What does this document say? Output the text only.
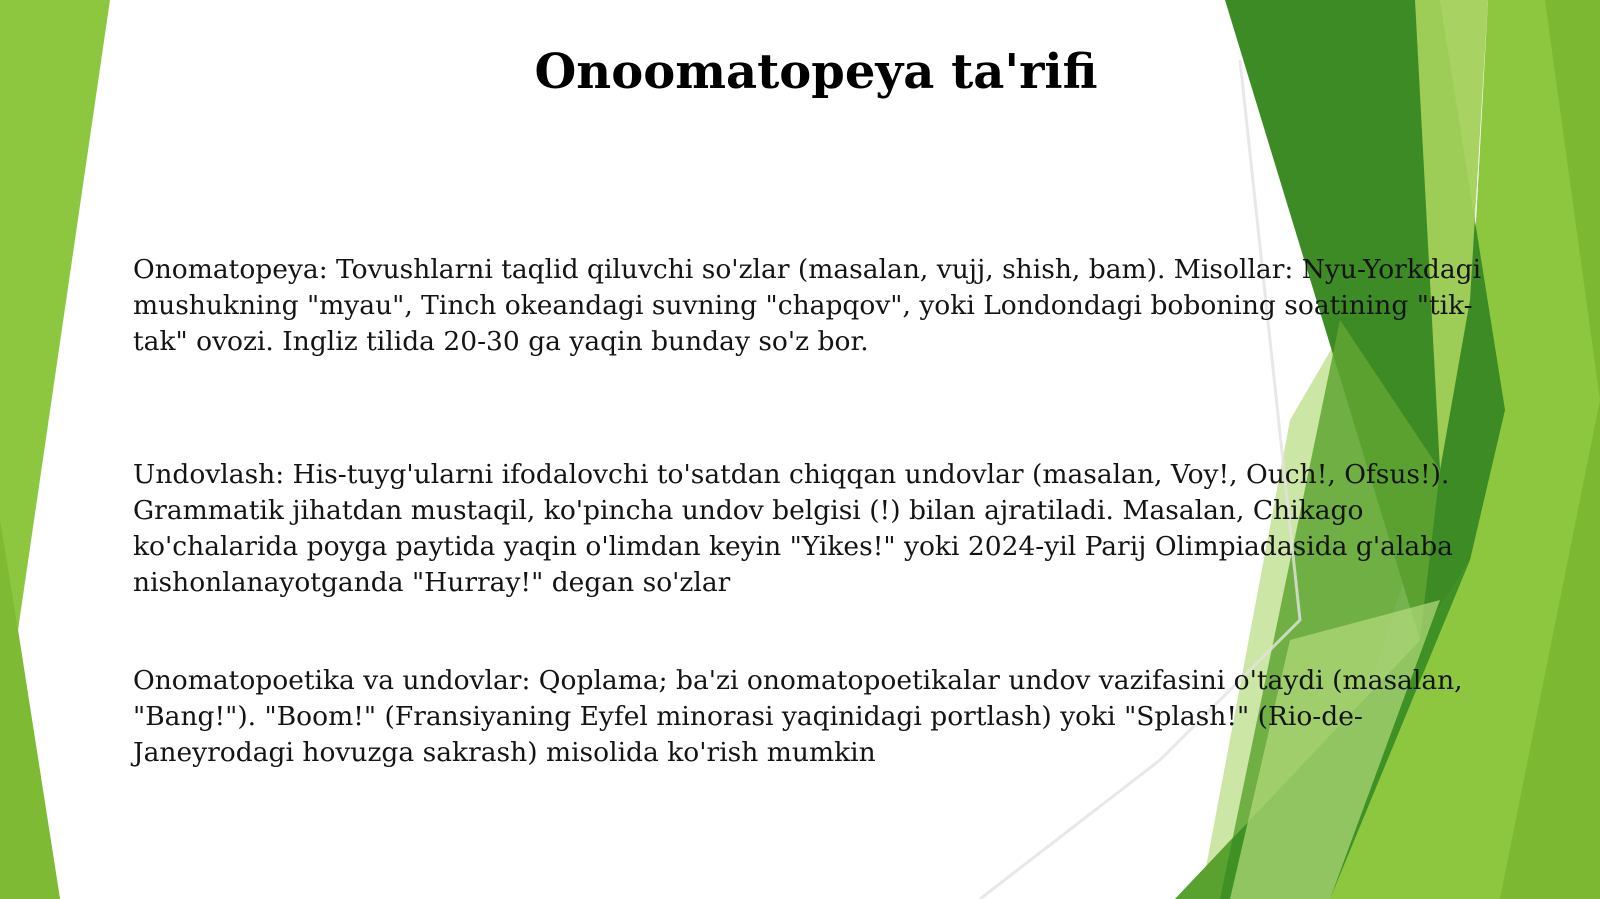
Onoomatopeya ta'rifi

Onomatopeya: Tovushlarni taqlid qiluvchi so'zlar (masalan, vujj, shish, bam). Misollar: Nyu-Yorkdagi mushukning "myau", Tinch okeandagi suvning "chapqov", yoki Londondagi boboning soatining "tik-tak" ovozi. Ingliz tilida 20-30 ga yaqin bunday so'z bor.

Undovlash: His-tuyg'ularni ifodalovchi to'satdan chiqqan undovlar (masalan, Voy!, Ouch!, Ofsus!). Grammatik jihatdan mustaqil, ko'pincha undov belgisi (!) bilan ajratiladi. Masalan, Chikago ko'chalarida poyga paytida yaqin o'limdan keyin "Yikes!" yoki 2024-yil Parij Olimpiadasida g'alaba nishonlanayotganda "Hurray!" degan so'zlar

Onomatopoetika va undovlar: Qoplama; ba'zi onomatopoetikalar undov vazifasini o'taydi (masalan, "Bang!"). "Boom!" (Fransiyaning Eyfel minorasi yaqinidagi portlash) yoki "Splash!" (Rio-de-Janeyrodagi hovuzga sakrash) misolida ko'rish mumkin
